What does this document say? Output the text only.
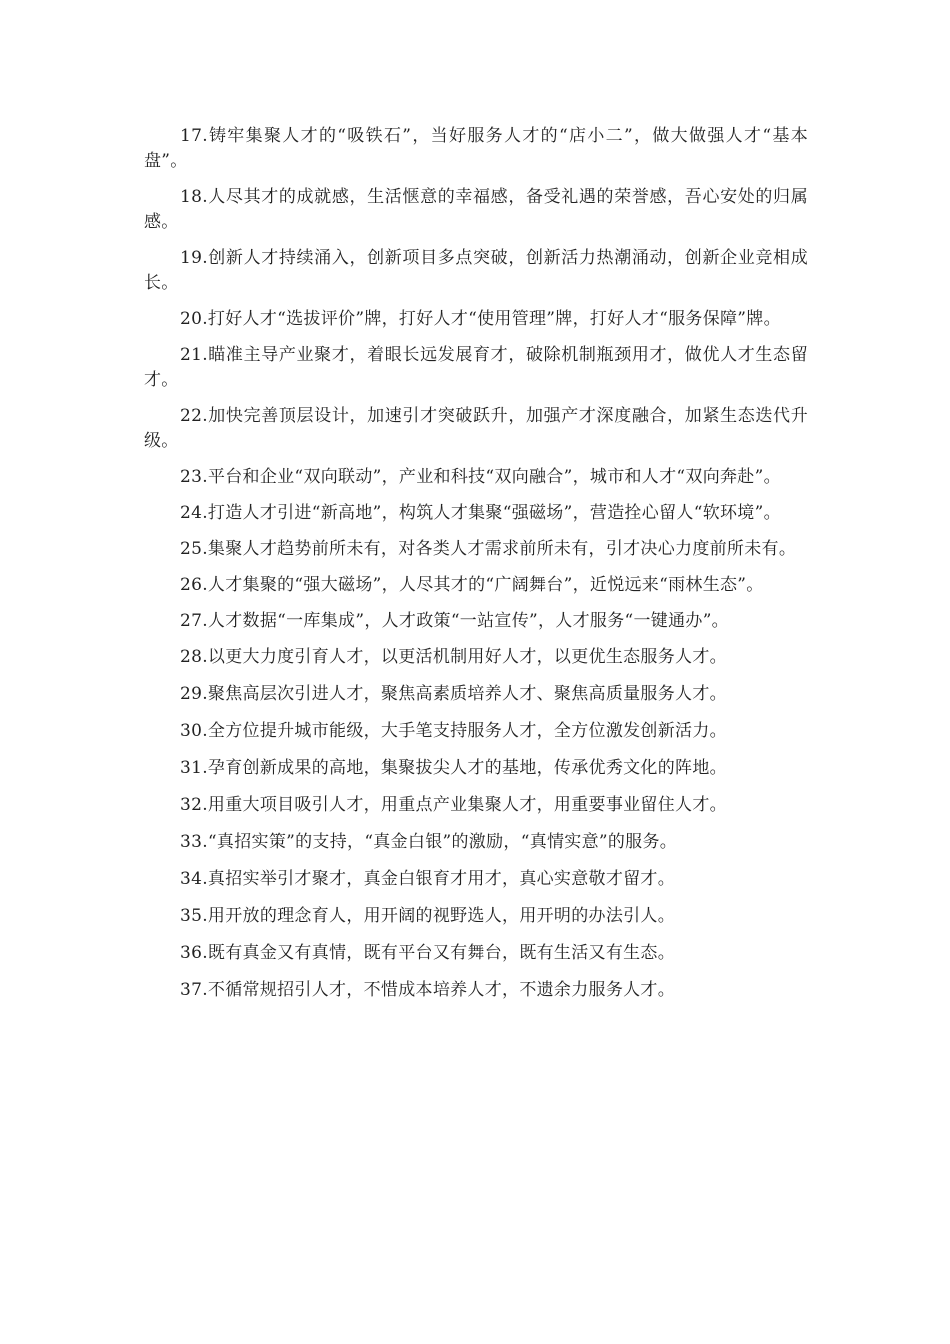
17.铸牢集聚人才的“吸铁石”，当好服务人才的“店小二”，做大做强人才“基本盘”。

18.人尽其才的成就感，生活惬意的幸福感，备受礼遇的荣誉感，吾心安处的归属感。

19.创新人才持续涌入，创新项目多点突破，创新活力热潮涌动，创新企业竞相成长。

20.打好人才“选拔评价”牌，打好人才“使用管理”牌，打好人才“服务保障”牌。

21.瞄准主导产业聚才，着眼长远发展育才，破除机制瓶颈用才，做优人才生态留才。

22.加快完善顶层设计，加速引才突破跃升，加强产才深度融合，加紧生态迭代升级。

23.平台和企业“双向联动”，产业和科技“双向融合”，城市和人才“双向奔赴”。

24.打造人才引进“新高地”，构筑人才集聚“强磁场”，营造拴心留人“软环境”。

25.集聚人才趋势前所未有，对各类人才需求前所未有，引才决心力度前所未有。

26.人才集聚的“强大磁场”，人尽其才的“广阔舞台”，近悦远来“雨林生态”。

27.人才数据“一库集成”，人才政策“一站宣传”，人才服务“一键通办”。

28.以更大力度引育人才，以更活机制用好人才，以更优生态服务人才。

29.聚焦高层次引进人才，聚焦高素质培养人才、聚焦高质量服务人才。

30.全方位提升城市能级，大手笔支持服务人才，全方位激发创新活力。

31.孕育创新成果的高地，集聚拔尖人才的基地，传承优秀文化的阵地。

32.用重大项目吸引人才，用重点产业集聚人才，用重要事业留住人才。

33.“真招实策”的支持，“真金白银”的激励，“真情实意”的服务。

34.真招实举引才聚才，真金白银育才用才，真心实意敬才留才。

35.用开放的理念育人，用开阔的视野选人，用开明的办法引人。

36.既有真金又有真情，既有平台又有舞台，既有生活又有生态。

37.不循常规招引人才，不惜成本培养人才，不遗余力服务人才。
